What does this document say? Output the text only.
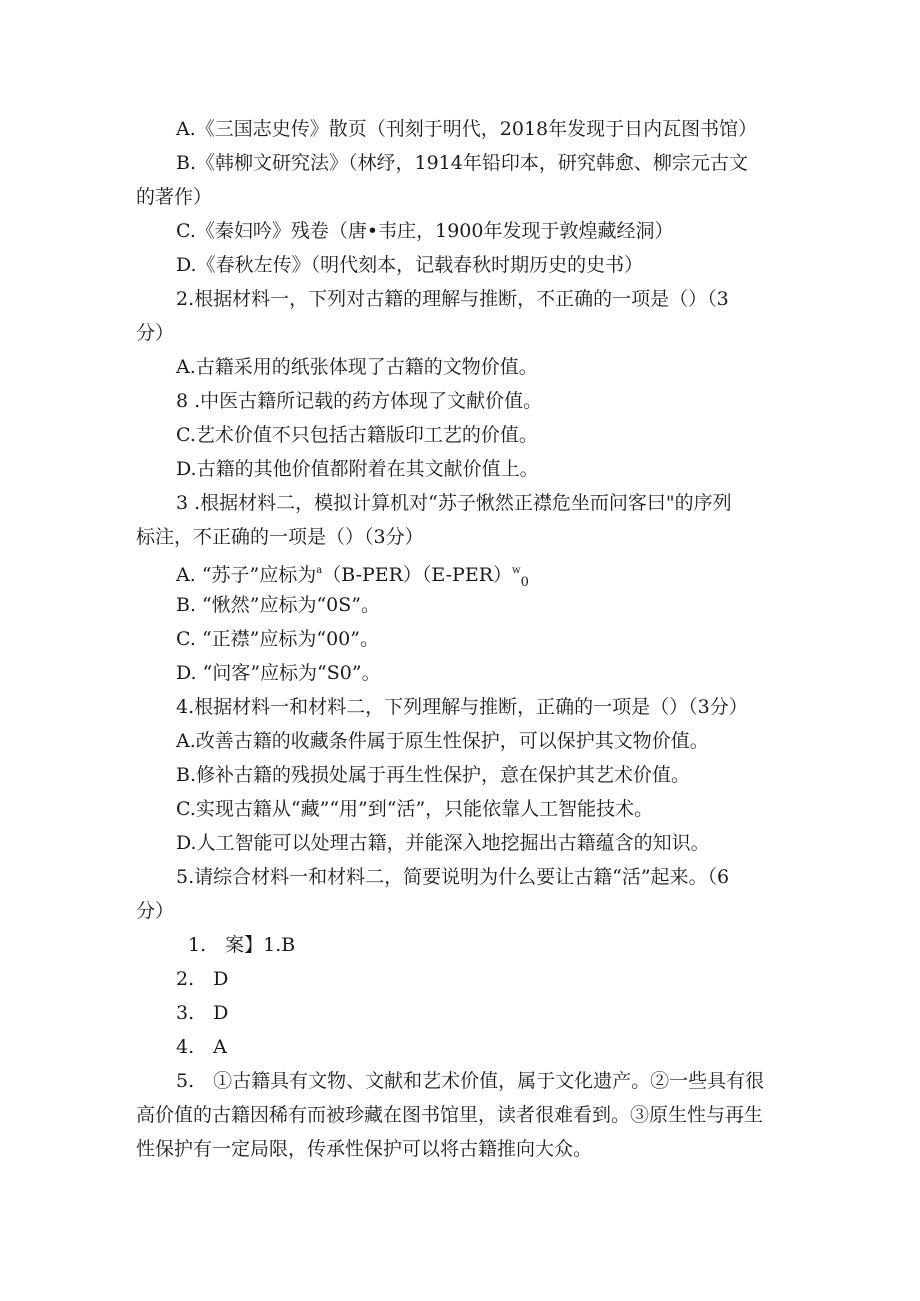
A.《三国志史传》散页（刊刻于明代，2018年发现于日内瓦图书馆）
B.《韩柳文研究法》（林纾，1914年铅印本，研究韩愈、柳宗元古文
的著作）
C.《秦妇吟》残卷（唐•韦庄，1900年发现于敦煌藏经洞）
D.《春秋左传》（明代刻本，记载春秋时期历史的史书）
2.根据材料一，下列对古籍的理解与推断，不正确的一项是（）（3
分）
A.古籍采用的纸张体现了古籍的文物价值。
8 .中医古籍所记载的药方体现了文献价值。
C.艺术价值不只包括古籍版印工艺的价值。
D.古籍的其他价值都附着在其文献价值上。
3 .根据材料二，模拟计算机对“苏子愀然正襟危坐而问客曰"的序列
标注，不正确的一项是（）（3分）
A. “苏子”应标为$^a(B-PER)(E-PER)^w_0$
B. “愀然”应标为“0S”。
C. “正襟”应标为“00”。
D. “问客”应标为“S0”。
4.根据材料一和材料二，下列理解与推断，正确的一项是（）（3分）
A.改善古籍的收藏条件属于原生性保护，可以保护其文物价值。
B.修补古籍的残损处属于再生性保护，意在保护其艺术价值。
C.实现古籍从“藏”“用”到“活”，只能依靠人工智能技术。
D.人工智能可以处理古籍，并能深入地挖掘出古籍蕴含的知识。
5.请综合材料一和材料二，简要说明为什么要让古籍“活”起来。（6
分）
1.　案】1.B
2.　D
3.　D
4.　A
5.　①古籍具有文物、文献和艺术价值，属于文化遗产。②一些具有很
高价值的古籍因稀有而被珍藏在图书馆里，读者很难看到。③原生性与再生
性保护有一定局限，传承性保护可以将古籍推向大众。
